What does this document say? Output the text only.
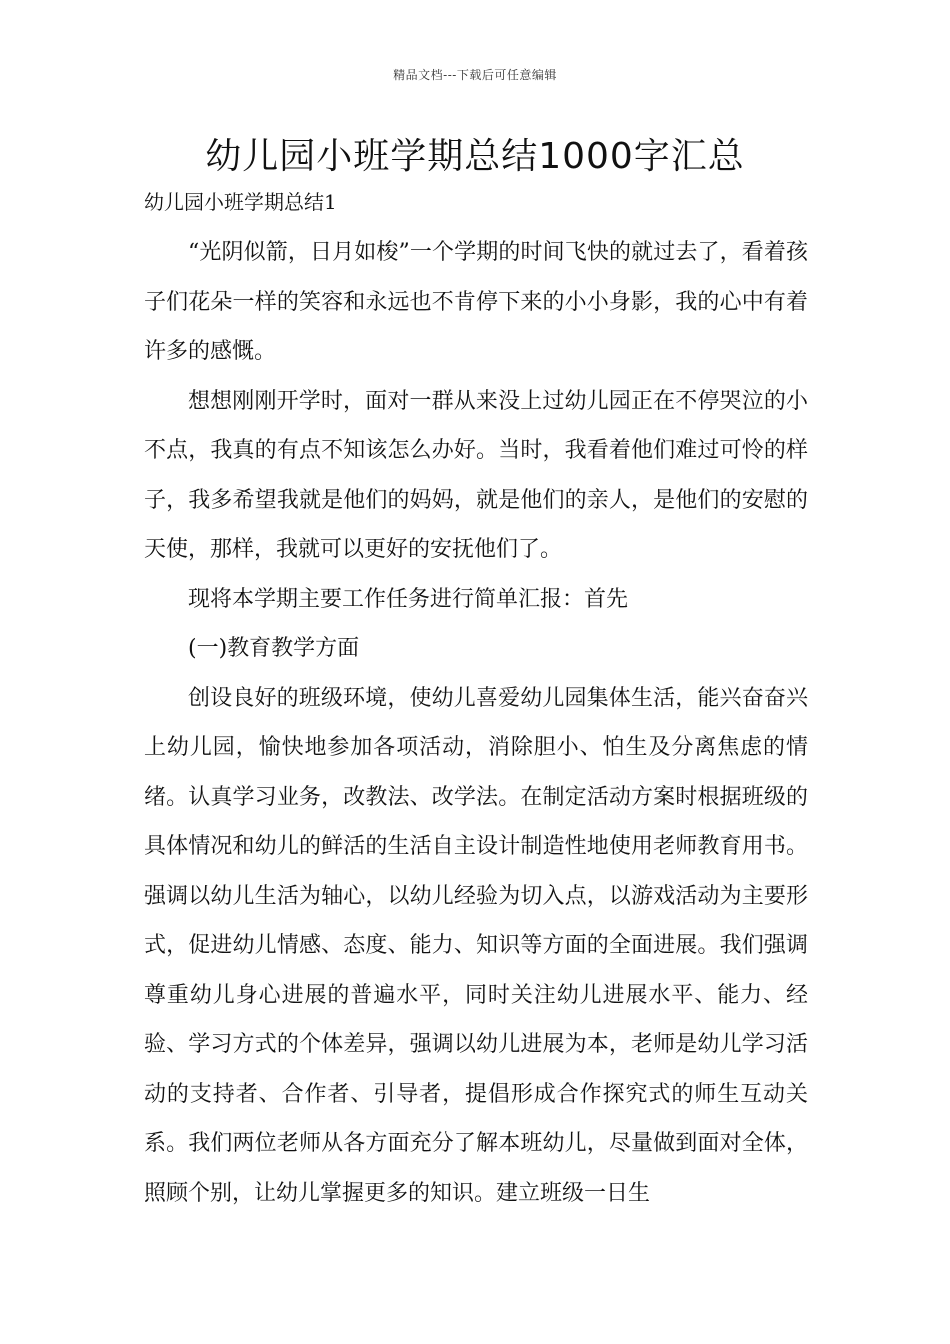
精品文档---下载后可任意编辑
幼儿园小班学期总结1000字汇总
幼儿园小班学期总结1

“光阴似箭，日月如梭”一个学期的时间飞快的就过去了，看着孩子们花朵一样的笑容和永远也不肯停下来的小小身影，我的心中有着许多的感慨。

想想刚刚开学时，面对一群从来没上过幼儿园正在不停哭泣的小不点，我真的有点不知该怎么办好。当时，我看着他们难过可怜的样子，我多希望我就是他们的妈妈，就是他们的亲人，是他们的安慰的天使，那样，我就可以更好的安抚他们了。

现将本学期主要工作任务进行简单汇报：首先

(一)教育教学方面

创设良好的班级环境，使幼儿喜爱幼儿园集体生活，能兴奋奋兴上幼儿园，愉快地参加各项活动，消除胆小、怕生及分离焦虑的情绪。认真学习业务，改教法、改学法。在制定活动方案时根据班级的具体情况和幼儿的鲜活的生活自主设计制造性地使用老师教育用书。强调以幼儿生活为轴心，以幼儿经验为切入点，以游戏活动为主要形式，促进幼儿情感、态度、能力、知识等方面的全面进展。我们强调尊重幼儿身心进展的普遍水平，同时关注幼儿进展水平、能力、经验、学习方式的个体差异，强调以幼儿进展为本，老师是幼儿学习活动的支持者、合作者、引导者，提倡形成合作探究式的师生互动关系。我们两位老师从各方面充分了解本班幼儿，尽量做到面对全体，照顾个别，让幼儿掌握更多的知识。建立班级一日生
